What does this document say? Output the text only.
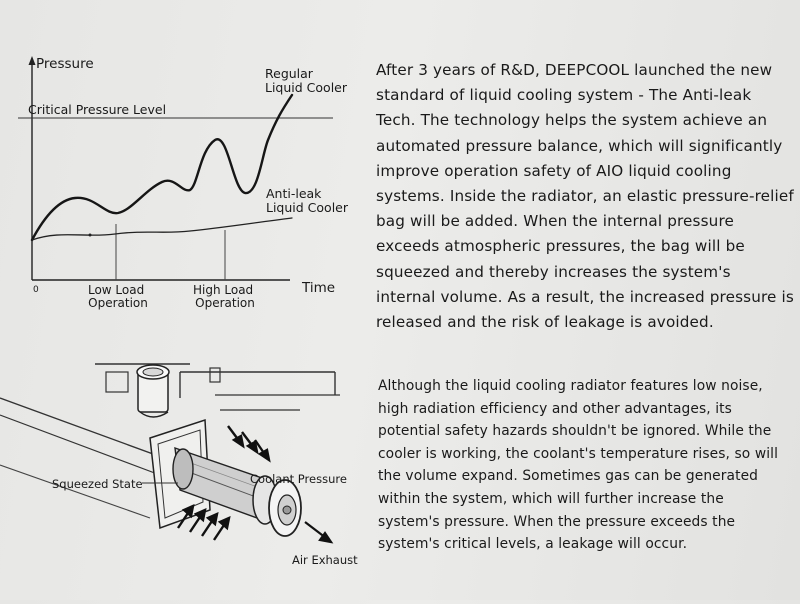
Pressure
Time
0
Critical Pressure Level
Low Load Operation
High Load Operation
Regular Liquid Cooler
Anti-leak Liquid Cooler
Squeezed State	Coolant Pressure
Air Exhaust

After 3 years of R&D, DEEPCOOL launched the new standard of liquid cooling system - The Anti-leak Tech. The technology helps the system achieve an automated pressure balance, which will significantly improve operation safety of AIO liquid cooling systems. Inside the radiator, an elastic pressure-relief bag will be added. When the internal pressure exceeds atmospheric pressures, the bag will be squeezed and thereby increases the system's internal volume. As a result, the increased pressure is released and the risk of leakage is avoided.

Although the liquid cooling radiator features low noise, high radiation efficiency and other advantages, its potential safety hazards shouldn't be ignored. While the cooler is working, the coolant's temperature rises, so will the volume expand. Sometimes gas can be generated within the system, which will further increase the system's pressure. When the pressure exceeds the system's critical levels, a leakage will occur.
